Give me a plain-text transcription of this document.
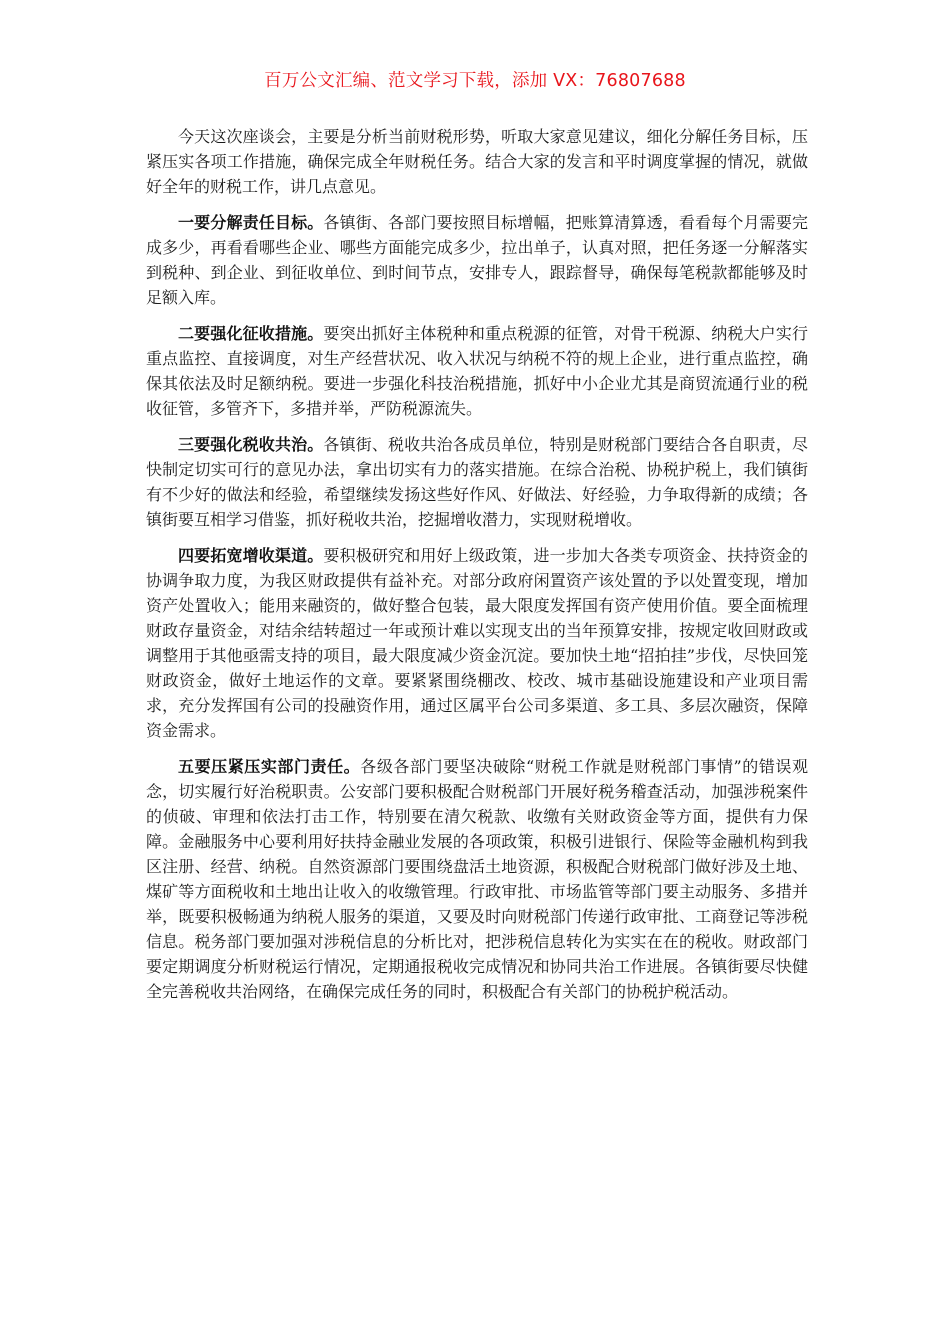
百万公文汇编、范文学习下载，添加 VX：76807688

今天这次座谈会，主要是分析当前财税形势，听取大家意见建议，细化分解任务目标，压紧压实各项工作措施，确保完成全年财税任务。结合大家的发言和平时调度掌握的情况，就做好全年的财税工作，讲几点意见。

一要分解责任目标。各镇街、各部门要按照目标增幅，把账算清算透，看看每个月需要完成多少，再看看哪些企业、哪些方面能完成多少，拉出单子，认真对照，把任务逐一分解落实到税种、到企业、到征收单位、到时间节点，安排专人，跟踪督导，确保每笔税款都能够及时足额入库。

二要强化征收措施。要突出抓好主体税种和重点税源的征管，对骨干税源、纳税大户实行重点监控、直接调度，对生产经营状况、收入状况与纳税不符的规上企业，进行重点监控，确保其依法及时足额纳税。要进一步强化科技治税措施，抓好中小企业尤其是商贸流通行业的税收征管，多管齐下，多措并举，严防税源流失。

三要强化税收共治。各镇街、税收共治各成员单位，特别是财税部门要结合各自职责，尽快制定切实可行的意见办法，拿出切实有力的落实措施。在综合治税、协税护税上，我们镇街有不少好的做法和经验，希望继续发扬这些好作风、好做法、好经验，力争取得新的成绩；各镇街要互相学习借鉴，抓好税收共治，挖掘增收潜力，实现财税增收。

四要拓宽增收渠道。要积极研究和用好上级政策，进一步加大各类专项资金、扶持资金的协调争取力度，为我区财政提供有益补充。对部分政府闲置资产该处置的予以处置变现，增加资产处置收入；能用来融资的，做好整合包装，最大限度发挥国有资产使用价值。要全面梳理财政存量资金，对结余结转超过一年或预计难以实现支出的当年预算安排，按规定收回财政或调整用于其他亟需支持的项目，最大限度减少资金沉淀。要加快土地“招拍挂”步伐，尽快回笼财政资金，做好土地运作的文章。要紧紧围绕棚改、校改、城市基础设施建设和产业项目需求，充分发挥国有公司的投融资作用，通过区属平台公司多渠道、多工具、多层次融资，保障资金需求。

五要压紧压实部门责任。各级各部门要坚决破除“财税工作就是财税部门事情”的错误观念，切实履行好治税职责。公安部门要积极配合财税部门开展好税务稽查活动，加强涉税案件的侦破、审理和依法打击工作，特别要在清欠税款、收缴有关财政资金等方面，提供有力保障。金融服务中心要利用好扶持金融业发展的各项政策，积极引进银行、保险等金融机构到我区注册、经营、纳税。自然资源部门要围绕盘活土地资源，积极配合财税部门做好涉及土地、煤矿等方面税收和土地出让收入的收缴管理。行政审批、市场监管等部门要主动服务、多措并举，既要积极畅通为纳税人服务的渠道，又要及时向财税部门传递行政审批、工商登记等涉税信息。税务部门要加强对涉税信息的分析比对，把涉税信息转化为实实在在的税收。财政部门要定期调度分析财税运行情况，定期通报税收完成情况和协同共治工作进展。各镇街要尽快健全完善税收共治网络，在确保完成任务的同时，积极配合有关部门的协税护税活动。
